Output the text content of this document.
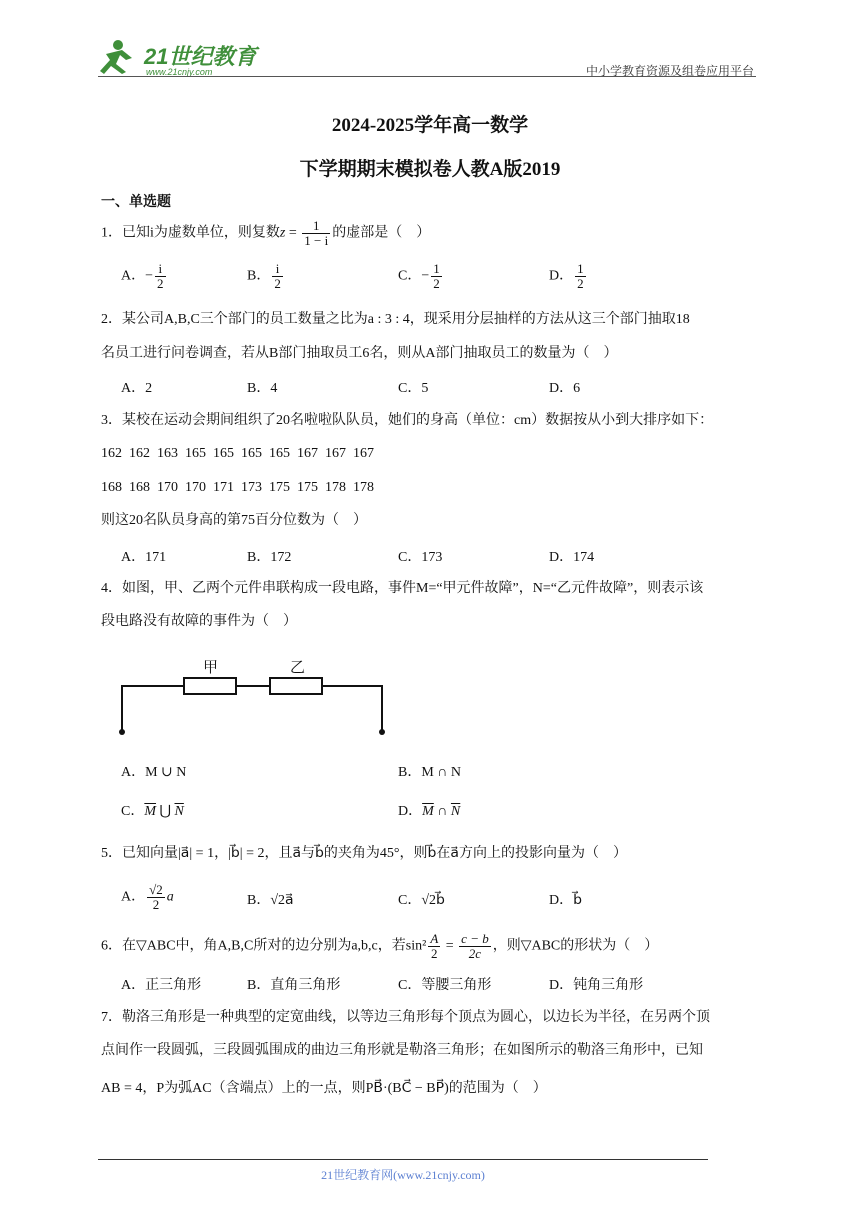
21世纪教育
www.21cnjy.com	中小学教育资源及组卷应用平台
2024-2025学年高一数学
下学期期末模拟卷人教A版2019
一、单选题
1．已知i为虚数单位，则复数$z = \frac{1}{1 - i}$ 的虚部是（　）
A．− $\frac{i}{2}$	B． $\frac{i}{2}$	C．− $\frac{1}{2}$	D． $\frac{1}{2}$
2．某公司A,B,C三个部门的员工数量之比为a : 3 : 4，现采用分层抽样的方法从这三个部门抽取18
名员工进行问卷调查，若从B部门抽取员工6名，则从A部门抽取员工的数量为（　）
A．2	B．4	C．5	D．6
3．某校在运动会期间组织了20名啦啦队队员，她们的身高（单位：cm）数据按从小到大排序如下：
162  162  163  165  165  165  165  167  167  167
168  168  170  170  171  173  175  175  178  178
则这20名队员身高的第75百分位数为（　）
A．171	B．172	C．173	D．174
4．如图，甲、乙两个元件串联构成一段电路，事件M=“甲元件故障”，N=“乙元件故障”，则表示该
段电路没有故障的事件为（　）
甲	乙
A．M ∪ N	B．M ∩ N
C．$\overline{M}$ ⋃ $\overline{N}$	D．$\overline{M}$ ∩ $\overline{N}$
5．已知向量|a⃗| = 1，|b⃗| = 2，且a⃗与b⃗的夹角为45°，则b⃗在a⃗方向上的投影向量为（　）
A． $\frac{√2}{2}$ a⃗	B．√2a⃗	C．√2b⃗	D．b⃗
6．在▽ABC中，角A,B,C所对的边分别为a,b,c，若$\sin^2 \frac{A}{2} = \frac{c - b}{2c}$ ，则▽ABC的形状为（　）
A．正三角形	B．直角三角形	C．等腰三角形	D．钝角三角形
7．勒洛三角形是一种典型的定宽曲线，以等边三角形每个顶点为圆心，以边长为半径，在另两个顶
点间作一段圆弧，三段圆弧围成的曲边三角形就是勒洛三角形；在如图所示的勒洛三角形中，已知
AB = 4，P为弧AC（含端点）上的一点，则PB⃗·(BC⃗ − BP⃗)的范围为（　）
21世纪教育网(www.21cnjy.com)
